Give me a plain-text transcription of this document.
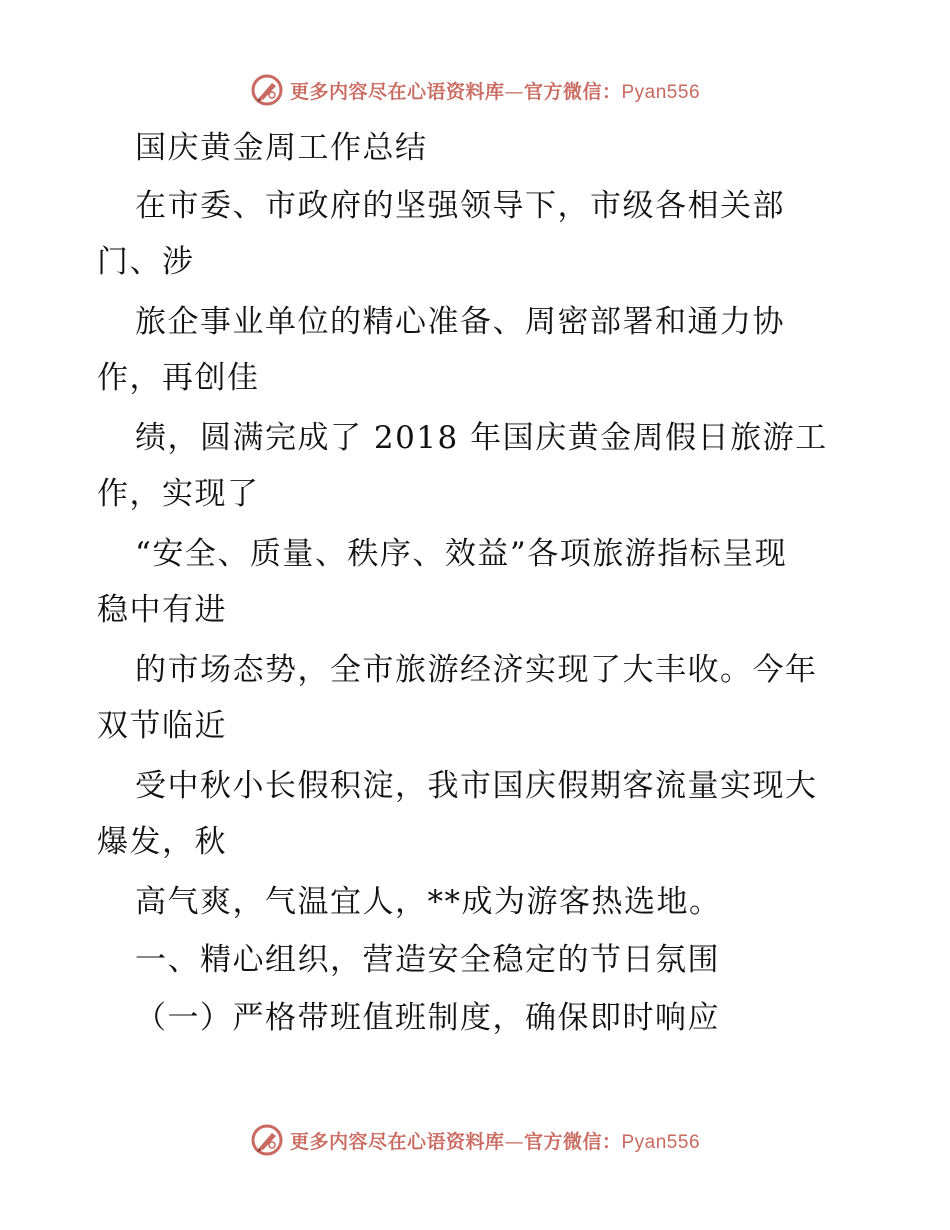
更多内容尽在心语资料库—官方微信：Pyan556
国庆黄金周工作总结
在市委、市政府的坚强领导下，市级各相关部
门、涉
旅企事业单位的精心准备、周密部署和通力协
作，再创佳
绩，圆满完成了 2018 年国庆黄金周假日旅游工
作，实现了
“安全、质量、秩序、效益”各项旅游指标呈现
稳中有进
的市场态势，全市旅游经济实现了大丰收。今年
双节临近
受中秋小长假积淀，我市国庆假期客流量实现大
爆发，秋
高气爽，气温宜人，**成为游客热选地。
一、精心组织，营造安全稳定的节日氛围
（一）严格带班值班制度，确保即时响应
更多内容尽在心语资料库—官方微信：Pyan556
